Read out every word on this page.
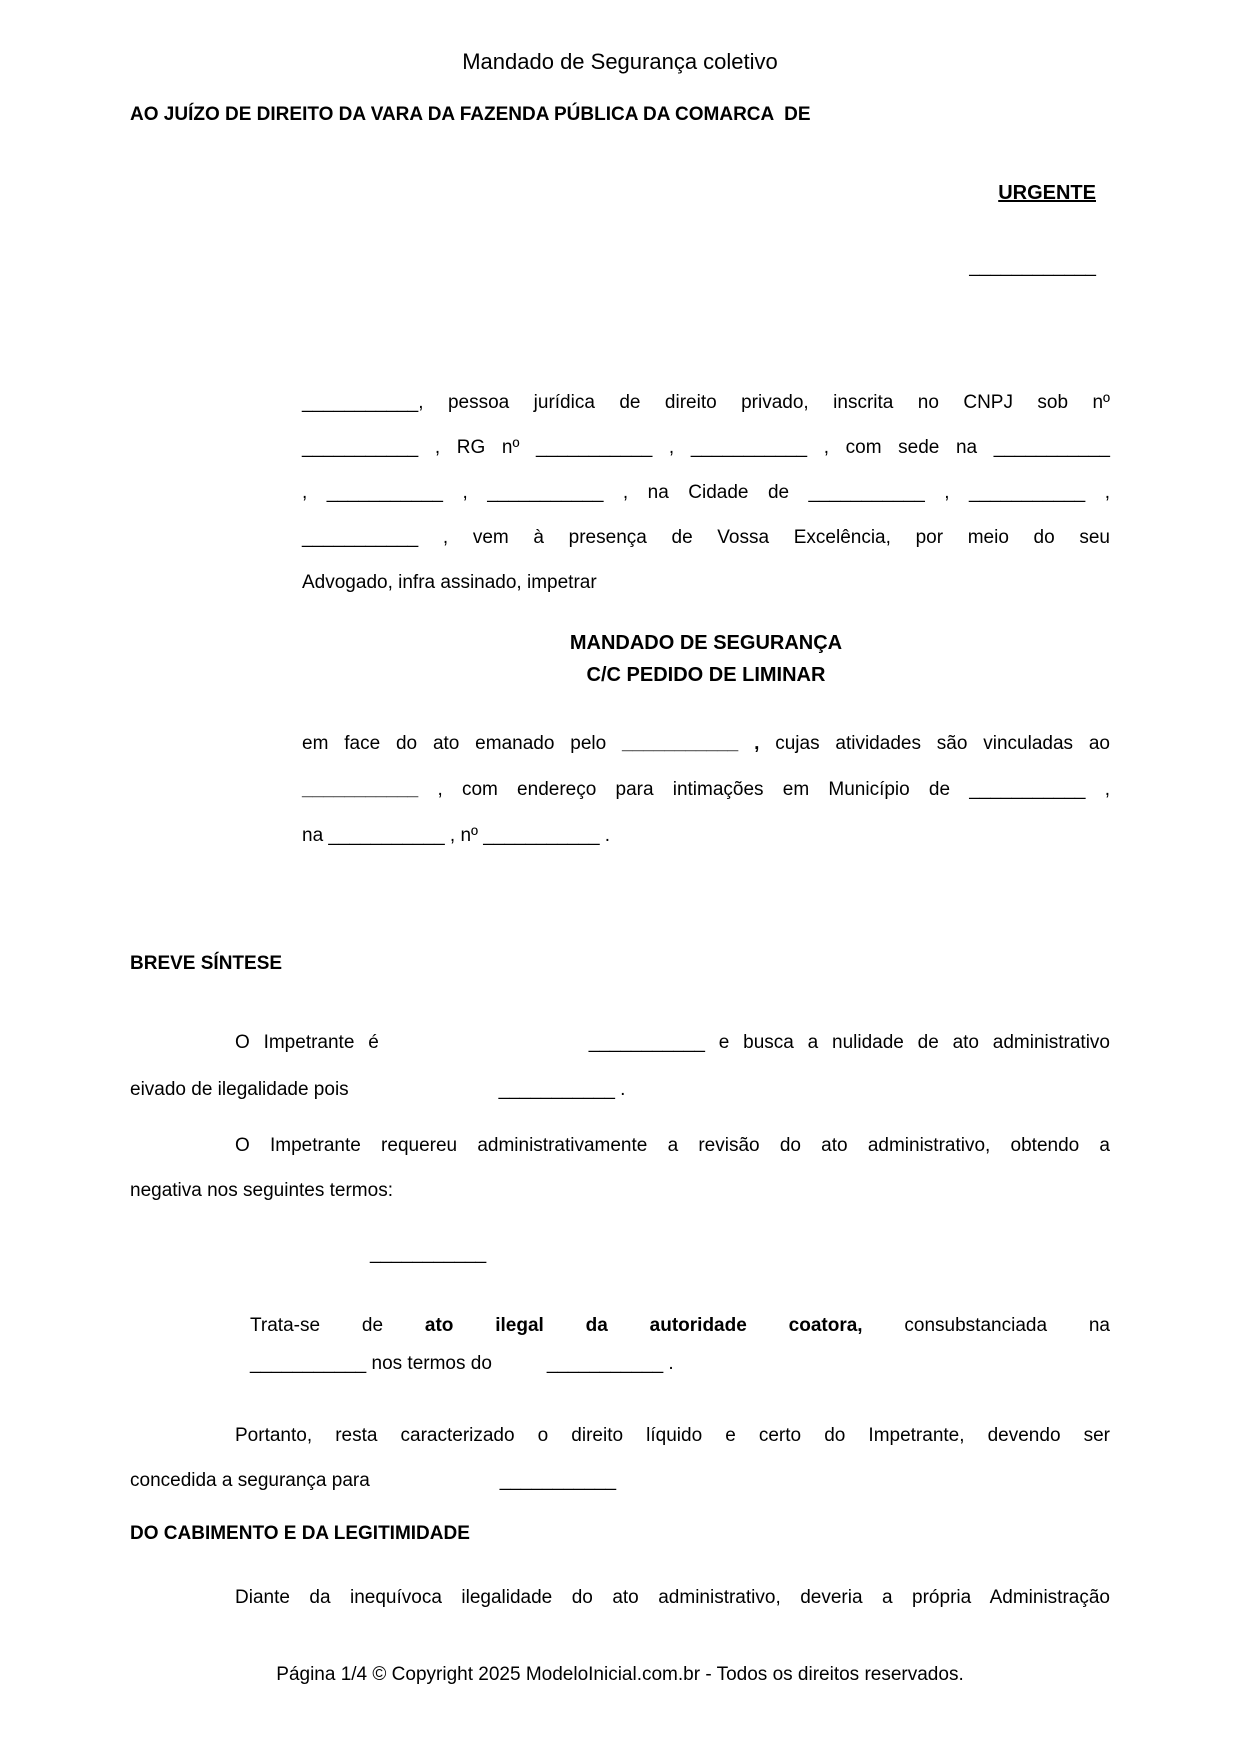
Mandado de Segurança coletivo
AO JUÍZO DE DIREITO DA VARA DA FAZENDA PÚBLICA DA COMARCA  DE
URGENTE
____________
___________, pessoa jurídica de direito privado, inscrita no CNPJ sob nº
___________ , RG nº ___________ , ___________ , com sede na ___________
, ___________ , ___________ , na Cidade de ___________ , ___________ ,
___________ , vem à presença de Vossa Excelência, por meio do seu
Advogado, infra assinado, impetrar
MANDADO DE SEGURANÇA
C/C PEDIDO DE LIMINAR
em face do ato emanado pelo ___________ , cujas atividades são vinculadas ao
___________ , com endereço para intimações em Município de ___________ ,
na ___________ , nº ___________ .
BREVE SÍNTESE
O Impetrante é	___________ e busca a nulidade de ato administrativo
eivado de ilegalidade pois	___________ .
O Impetrante requereu administrativamente a revisão do ato administrativo, obtendo a
negativa nos seguintes termos:
___________
Trata-se de ato ilegal da autoridade coatora, consubstanciada na
___________ nos termos do	___________ .
Portanto, resta caracterizado o direito líquido e certo do Impetrante, devendo ser
concedida a segurança para	___________
DO CABIMENTO E DA LEGITIMIDADE
Diante da inequívoca ilegalidade do ato administrativo, deveria a própria Administração
Página 1/4 © Copyright 2025 ModeloInicial.com.br - Todos os direitos reservados.
